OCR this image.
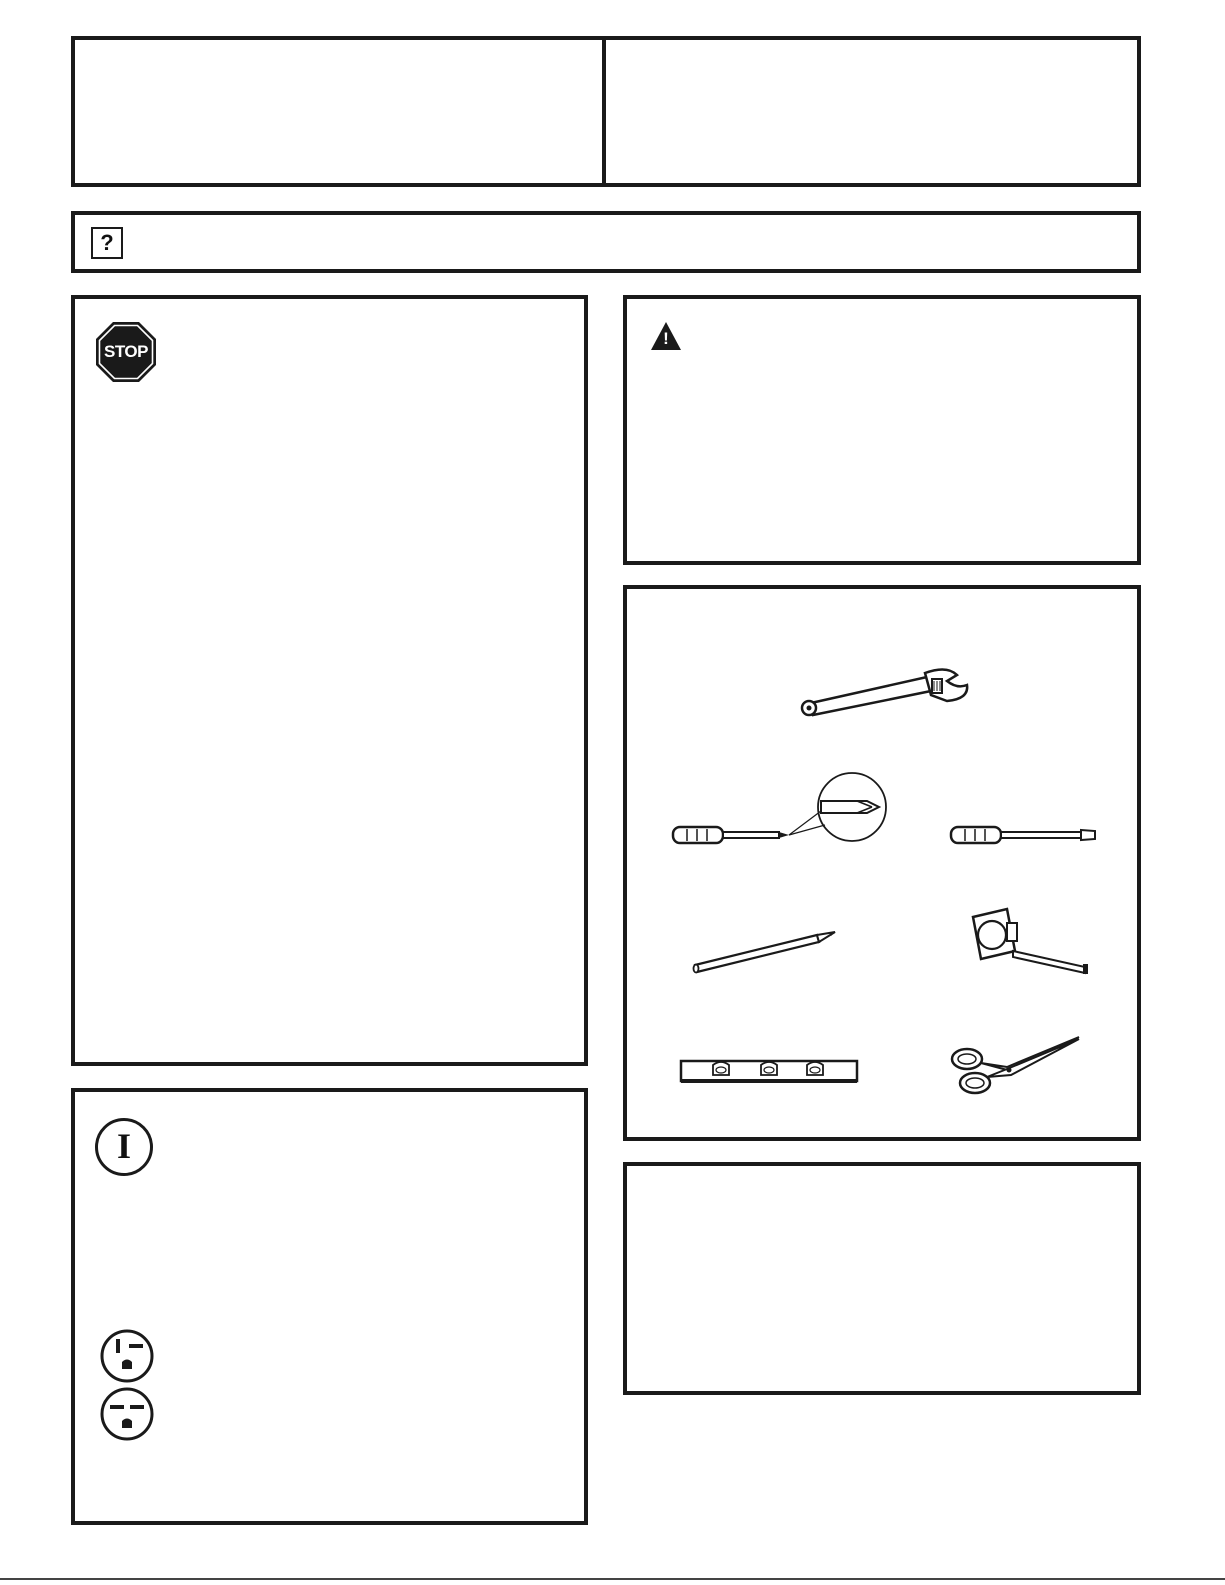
?
STOP
I
!
